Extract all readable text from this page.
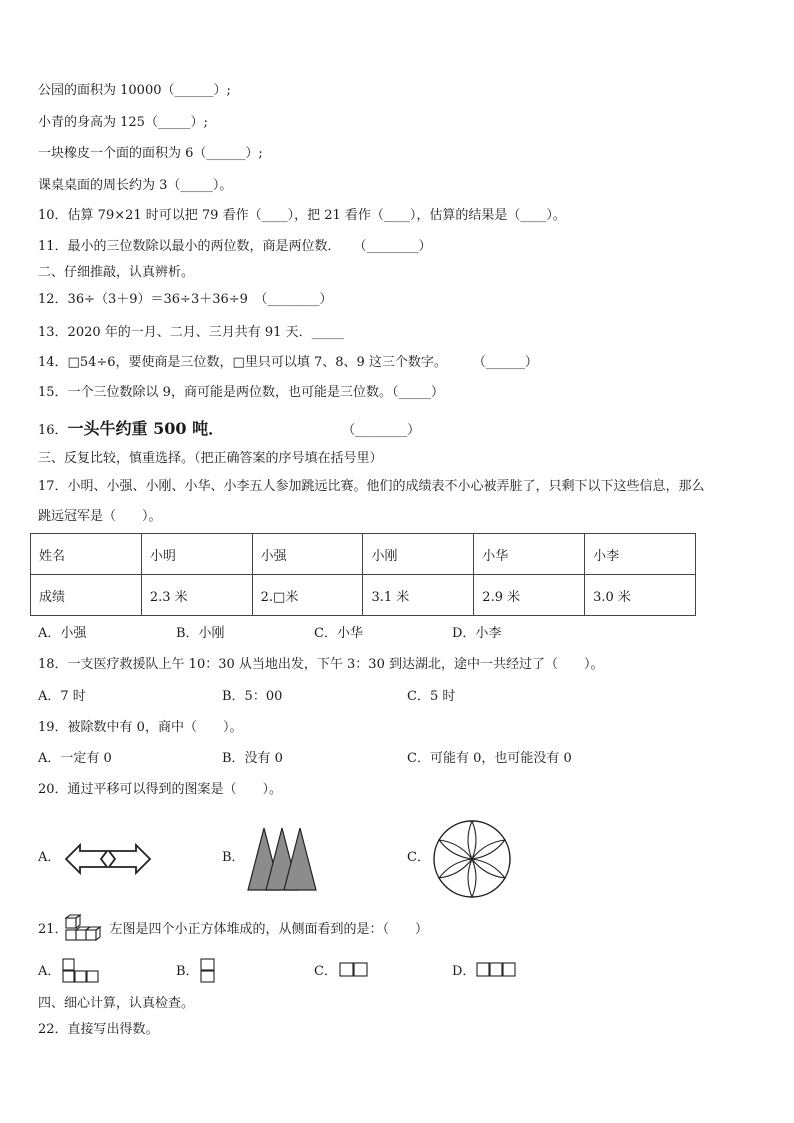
公园的面积为 10000（______）;
小青的身高为 125（_____）;
一块橡皮一个面的面积为 6（______）;
课桌桌面的周长约为 3（_____）。
10．估算 79×21 时可以把 79 看作（____），把 21 看作（____），估算的结果是（____）。
11．最小的三位数除以最小的两位数，商是两位数．　　（________）
二、仔细推敲，认真辨析。
12．36÷（3＋9）＝36÷3＋36÷9　（________）
13．2020 年的一月、二月、三月共有 91 天．_____
14．□54÷6，要使商是三位数，□里只可以填 7、8、9 这三个数字。　　　（______）
15．一个三位数除以 9，商可能是两位数，也可能是三位数。（_____）
16．一头牛约重 500 吨．	（________）
三、反复比较，慎重选择。（把正确答案的序号填在括号里）
17．小明、小强、小刚、小华、小李五人参加跳远比赛。他们的成绩表不小心被弄脏了，只剩下以下这些信息，那么
跳远冠军是（　　）。
姓名	小明	小强	小刚	小华	小李
成绩	2.3 米	2.□米	3.1 米	2.9 米	3.0 米
A．小强	B．小刚	C．小华	D．小李
18．一支医疗救援队上午 10：30 从当地出发，下午 3：30 到达湖北，途中一共经过了（　　）。
A．7 时	B．5：00	C．5 时
19．被除数中有 0，商中（　　）。
A．一定有 0	B．没有 0	C．可能有 0，也可能没有 0
20．通过平移可以得到的图案是（　　）。
A．	B．	C．
21．	左图是四个小正方体堆成的，从侧面看到的是：（　　）
A．	B．	C．	D．
四、细心计算，认真检查。
22．直接写出得数。
